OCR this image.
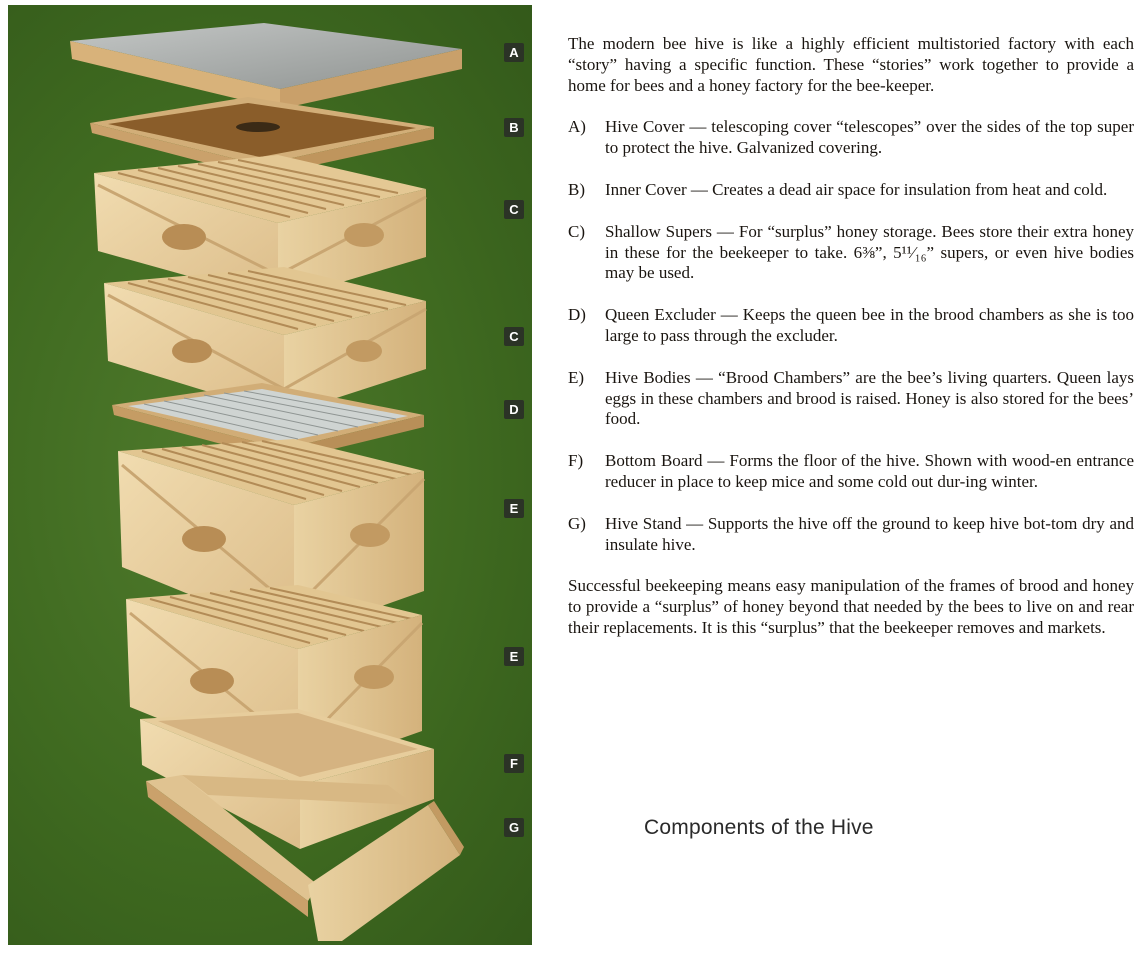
A
B
C
C
D
E
E
F
G

The modern bee hive is like a highly efficient multistoried factory with each “story” having a specific function. These “stories” work together to provide a home for bees and a honey factory for the bee-keeper.

A)	Hive Cover — telescoping cover “telescopes” over the sides of the top super to protect the hive. Galvanized covering.
B)	Inner Cover — Creates a dead air space for insulation from heat and cold.
C)	Shallow Supers — For “surplus” honey storage. Bees store their extra honey in these for the beekeeper to take. 6⅜”, 5¹¹⁄₁₆” supers, or even hive bodies may be used.
D)	Queen Excluder — Keeps the queen bee in the brood chambers as she is too large to pass through the excluder.
E)	Hive Bodies — “Brood Chambers” are the bee’s living quarters. Queen lays eggs in these chambers and brood is raised. Honey is also stored for the bees’ food.
F)	Bottom Board — Forms the floor of the hive. Shown with wood-en entrance reducer in place to keep mice and some cold out dur-ing winter.
G)	Hive Stand — Supports the hive off the ground to keep hive bot-tom dry and insulate hive.

Successful beekeeping means easy manipulation of the frames of brood and honey to provide a “surplus” of honey beyond that needed by the bees to live on and rear their replacements. It is this “surplus” that the beekeeper removes and markets.

Components of the Hive
